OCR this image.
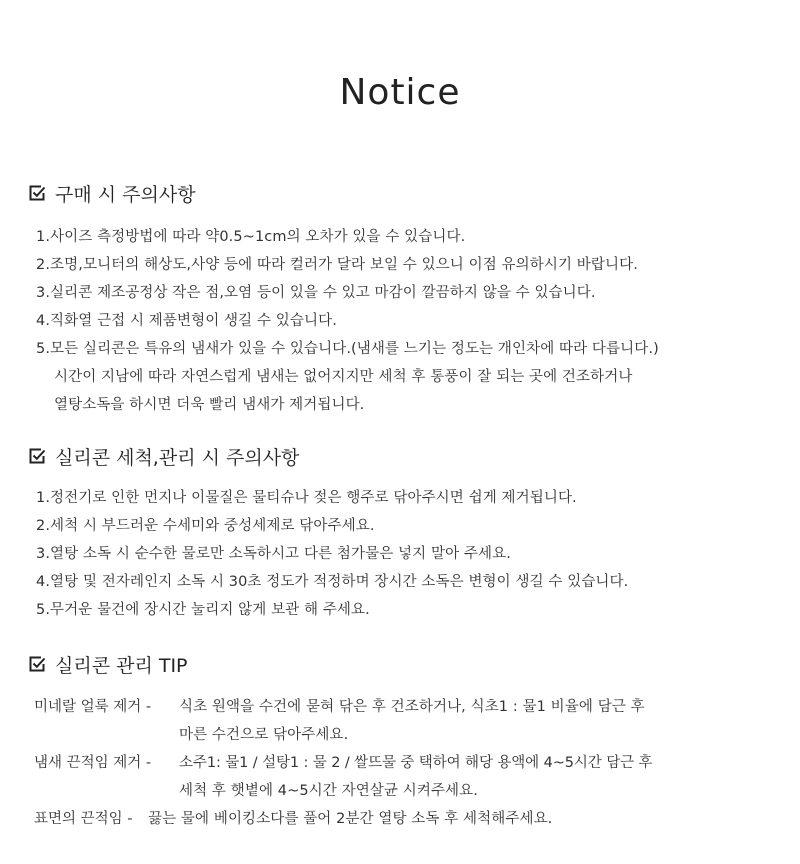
Notice
구매 시 주의사항
1.사이즈 측정방법에 따라 약0.5~1cm의 오차가 있을 수 있습니다.
2.조명,모니터의 해상도,사양 등에 따라 컬러가 달라 보일 수 있으니 이점 유의하시기 바랍니다.
3.실리콘 제조공정상 작은 점,오염 등이 있을 수 있고 마감이 깔끔하지 않을 수 있습니다.
4.직화열 근접 시 제품변형이 생길 수 있습니다.
5.모든 실리콘은 특유의 냄새가 있을 수 있습니다.(냄새를 느기는 정도는 개인차에 따라 다릅니다.)
시간이 지남에 따라 자연스럽게 냄새는 없어지지만 세척 후 통풍이 잘 되는 곳에 건조하거나
열탕소독을 하시면 더욱 빨리 냄새가 제거됩니다.
실리콘 세척,관리 시 주의사항
1.정전기로 인한 먼지나 이물질은 물티슈나 젖은 행주로 닦아주시면 쉽게 제거됩니다.
2.세척 시 부드러운 수세미와 중성세제로 닦아주세요.
3.열탕 소독 시 순수한 물로만 소독하시고 다른 첨가물은 넣지 말아 주세요.
4.열탕 및 전자레인지 소독 시 30초 정도가 적정하며 장시간 소독은 변형이 생길 수 있습니다.
5.무거운 물건에 장시간 눌리지 않게 보관 해 주세요.
실리콘 관리 TIP
미네랄 얼룩 제거 - 식초 원액을 수건에 묻혀 닦은 후 건조하거나, 식초1 : 물1 비율에 담근 후
마른 수건으로 닦아주세요.
냄새 끈적임 제거 - 소주1: 물1 / 설탕1 : 물 2 / 쌀뜨물 중 택하여 해당 용액에 4~5시간 담근 후
세척 후 햇볕에 4~5시간 자연살균 시켜주세요.
표면의 끈적임 - 끓는 물에 베이킹소다를 풀어 2분간 열탕 소독 후 세척해주세요.
